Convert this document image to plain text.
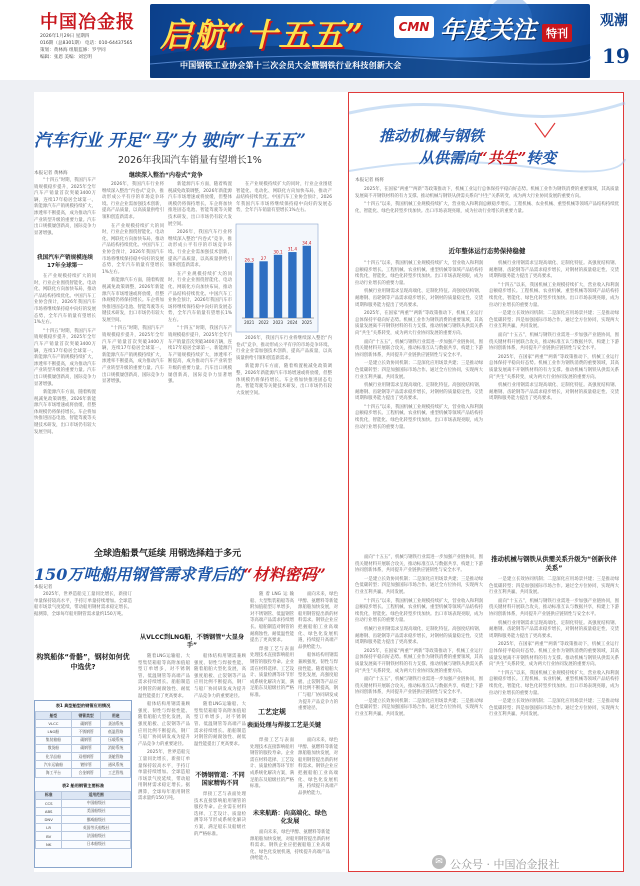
中国冶金报
2026年1月29日 星期四
016期（总8301期） 电话：010-64437565
策划：黄林海 组版监修：罗学同
编辑：张恩 美编：刘宏明
启航“十五五”	CMN 年度关注 特刊
中国钢铁工业协会第十三次会员大会暨钢铁行业科技创新大会
观潮
19
汽车行业 开足“马”力 驶向“十五五”
2026年我国汽车销量有望增长1%
本报记者 黄林海

“十四五”时期，我国汽车产销规模稳步提升，2025年全年汽车产销量首次突破3400万辆，连续17年稳居全球第一。新能源汽车产销规模持续扩大，渗透率不断提高，成为推动汽车产业转型升级的重要力量。汽车出口规模屡创新高，国际竞争力显著增强。

我国汽车产销规模连续17年全球第一

在产业规模持续扩大的同时，行业企业围绕智能化、电动化、网联化方向加快布局，推动产品结构持续优化。中国汽车工业协会预计，2026年我国汽车市场将继续保持稳中向好的发展态势，全年汽车销量有望增长1%左右。

“十四五”时期，我国汽车产销规模稳步提升，2025年全年汽车产销量首次突破3400万辆，连续17年稳居全球第一。新能源汽车产销规模持续扩大，渗透率不断提高，成为推动汽车产业转型升级的重要力量。汽车出口规模屡创新高，国际竞争力显著增强。

新能源汽车方面，随着购置税减免政策调整，2026年新能源汽车市场增速或将放缓，但整体规模仍将保持增长。车企将加快推进固态电池、智能驾驶等关键技术研发，出口市场仍有较大发展空间。

继续深入整治“内卷式”竞争

2026年，我国汽车行业将继续深入整治“内卷式”竞争，推动形成公平有序的市场竞争环境。行业企业需加强技术创新，提高产品质量，以高质量供给引领和创造新需求。

在产业规模持续扩大的同时，行业企业围绕智能化、电动化、网联化方向加快布局，推动产品结构持续优化。中国汽车工业协会预计，2026年我国汽车市场将继续保持稳中向好的发展态势，全年汽车销量有望增长1%左右。

新能源汽车方面，随着购置税减免政策调整，2026年新能源汽车市场增速或将放缓，但整体规模仍将保持增长。车企将加快推进固态电池、智能驾驶等关键技术研发，出口市场仍有较大发展空间。

“十四五”时期，我国汽车产销规模稳步提升，2025年全年汽车产销量首次突破3400万辆，连续17年稳居全球第一。新能源汽车产销规模持续扩大，渗透率不断提高，成为推动汽车产业转型升级的重要力量。汽车出口规模屡创新高，国际竞争力显著增强。

新能源汽车方面，随着购置税减免政策调整，2026年新能源汽车市场增速或将放缓，但整体规模仍将保持增长。车企将加快推进固态电池、智能驾驶等关键技术研发，出口市场仍有较大发展空间。

2026年，我国汽车行业将继续深入整治“内卷式”竞争，推动形成公平有序的市场竞争环境。行业企业需加强技术创新，提高产品质量，以高质量供给引领和创造新需求。

在产业规模持续扩大的同时，行业企业围绕智能化、电动化、网联化方向加快布局，推动产品结构持续优化。中国汽车工业协会预计，2026年我国汽车市场将继续保持稳中向好的发展态势，全年汽车销量有望增长1%左右。

“十四五”时期，我国汽车产销规模稳步提升，2025年全年汽车产销量首次突破3400万辆，连续17年稳居全球第一。新能源汽车产销规模持续扩大，渗透率不断提高，成为推动汽车产业转型升级的重要力量。汽车出口规模屡创新高，国际竞争力显著增强。

在产业规模持续扩大的同时，行业企业围绕智能化、电动化、网联化方向加快布局，推动产品结构持续优化。中国汽车工业协会预计，2026年我国汽车市场将继续保持稳中向好的发展态势，全年汽车销量有望增长1%左右。

26.3
2021
27
2022
30.1
2023
31.4
2024
34.4
2025

2026年，我国汽车行业将继续深入整治“内卷式”竞争，推动形成公平有序的市场竞争环境。行业企业需加强技术创新，提高产品质量，以高质量供给引领和创造新需求。

新能源汽车方面，随着购置税减免政策调整，2026年新能源汽车市场增速或将放缓，但整体规模仍将保持增长。车企将加快推进固态电池、智能驾驶等关键技术研发，出口市场仍有较大发展空间。

全球造船景气延续 用钢选择趋于多元
150万吨船用钢管需求背后的“材料密码”
本报记者

2025年，世界造船完工量同比增长，新接订单量保持较高水平，手持订单量持续增加。全球造船市场景气度延续，带动船用钢材需求稳定增长。据测算，全球每年船用钢管需求量约150万吨。

构筑船体“骨骼”，钢材如何优中选优?
表1 典型船型的钢管应用情况
船型	钢管类型	用途
VLCC	碳钢管	货油系统
LNG船	不锈钢管	低温管路
集装箱船	碳钢管	压载系统
散货船	碳钢管	消防系统
化学品船	双相钢管	货舱管路
汽车运输船	镀锌管	通风系统
海工平台	合金钢管	工艺管线
表2 船用钢管主要标准
标准	适用范围
CCS	中国船级社
ABS	美国船级社
DNV	挪威船级社
LR	英国劳氏船级社
BV	法国船级社
NK	日本船级社
从VLCC到LNG船，不锈钢管“大显身手”

随着LNG运输船、大型集装箱船等高附加值船型订单增多，对不锈钢管、低温钢管等高端产品需求持续增长。船舶制造对钢管的耐腐蚀性、耐低温性能提出了更高要求。

船体结构用钢需兼顾强度、韧性与焊接性能。随着船舶大型化发展，高强度船板、止裂钢等产品应用比例不断提高，钢厂与船厂协同研发成为提升产品竞争力的重要途径。

2025年，世界造船完工量同比增长，新接订单量保持较高水平，手持订单量持续增加。全球造船市场景气度延续，带动船用钢材需求稳定增长。据测算，全球每年船用钢管需求量约150万吨。

船体结构用钢需兼顾强度、韧性与焊接性能。随着船舶大型化发展，高强度船板、止裂钢等产品应用比例不断提高，钢厂与船厂协同研发成为提升产品竞争力的重要途径。

随着LNG运输船、大型集装箱船等高附加值船型订单增多，对不锈钢管、低温钢管等高端产品需求持续增长。船舶制造对钢管的耐腐蚀性、耐低温性能提出了更高要求。

不锈钢管道：不同国家精钩不同

焊接工艺与表面处理技术直接影响船用钢管的服役寿命。企业需在材料选择、工艺设计、质量检测等环节形成系统化解决方案，满足船东及船级社的严格标准。

随着LNG运输船、大型集装箱船等高附加值船型订单增多，对不锈钢管、低温钢管等高端产品需求持续增长。船舶制造对钢管的耐腐蚀性、耐低温性能提出了更高要求。

焊接工艺与表面处理技术直接影响船用钢管的服役寿命。企业需在材料选择、工艺设计、质量检测等环节形成系统化解决方案，满足船东及船级社的严格标准。

工艺定规
表面处理与焊接工艺是关键

焊接工艺与表面处理技术直接影响船用钢管的服役寿命。企业需在材料选择、工艺设计、质量检测等环节形成系统化解决方案，满足船东及船级社的严格标准。

未来航路：向高端化、绿色化发展

面向未来，绿色甲醇、氨燃料等新能源船舶加快发展，对船用钢管提出新的材料需求。钢铁企业应把握船舶工业高端化、绿色化发展机遇，持续提升高端产品供给能力。

面向未来，绿色甲醇、氨燃料等新能源船舶加快发展，对船用钢管提出新的材料需求。钢铁企业应把握船舶工业高端化、绿色化发展机遇，持续提升高端产品供给能力。

船体结构用钢需兼顾强度、韧性与焊接性能。随着船舶大型化发展，高强度船板、止裂钢等产品应用比例不断提高，钢厂与船厂协同研发成为提升产品竞争力的重要途径。

面向未来，绿色甲醇、氨燃料等新能源船舶加快发展，对船用钢管提出新的材料需求。钢铁企业应把握船舶工业高端化、绿色化发展机遇，持续提升高端产品供给能力。

推动机械与钢铁
从供需向“共生”转变
本报记者 杨将

2025年，在国家“两重”“两新”等政策推动下，机械工业运行总体保持平稳向好态势。机械工业作为钢铁消费的重要领域，其高质量发展离不开钢铁材料的有力支撑。推动机械与钢铁从供需关系向“共生”关系转变，成为两大行业协同发展的重要方向。

“十四五”以来，我国机械工业规模持续扩大，营业收入和利润总额稳步增长。工程机械、农业机械、重型机械等领域产品结构持续优化，智能化、绿色化转型步伐加快。出口市场表现亮眼，成为拉动行业增长的重要力量。

近年整体运行态势保持稳健

“十四五”以来，我国机械工业规模持续扩大，营业收入和利润总额稳步增长。工程机械、农业机械、重型机械等领域产品结构持续优化，智能化、绿色化转型步伐加快。出口市场表现亮眼，成为拉动行业增长的重要力量。

机械行业用钢需求呈现高端化、定制化特征。高强度结构钢、耐磨钢、齿轮钢等产品需求稳步增长，对钢材的质量稳定性、交货周期和服务能力提出了更高要求。

2025年，在国家“两重”“两新”等政策推动下，机械工业运行总体保持平稳向好态势。机械工业作为钢铁消费的重要领域，其高质量发展离不开钢铁材料的有力支撑。推动机械与钢铁从供需关系向“共生”关系转变，成为两大行业协同发展的重要方向。

面向“十五五”，机械与钢铁行业需进一步加强产业链协同，围绕关键材料开展联合攻关，推动标准互认与数据共享，构建上下游协同创新体系，共同提升产业链供应链韧性与安全水平。

一是建立长效协同机制；二是深化应用场景共建；三是推动绿色低碳转型；四是加强国际市场合作。通过全方位协同，实现两大行业互利共赢、共同发展。

机械行业用钢需求呈现高端化、定制化特征。高强度结构钢、耐磨钢、齿轮钢等产品需求稳步增长，对钢材的质量稳定性、交货周期和服务能力提出了更高要求。

“十四五”以来，我国机械工业规模持续扩大，营业收入和利润总额稳步增长。工程机械、农业机械、重型机械等领域产品结构持续优化，智能化、绿色化转型步伐加快。出口市场表现亮眼，成为拉动行业增长的重要力量。

机械行业用钢需求呈现高端化、定制化特征。高强度结构钢、耐磨钢、齿轮钢等产品需求稳步增长，对钢材的质量稳定性、交货周期和服务能力提出了更高要求。

“十四五”以来，我国机械工业规模持续扩大，营业收入和利润总额稳步增长。工程机械、农业机械、重型机械等领域产品结构持续优化，智能化、绿色化转型步伐加快。出口市场表现亮眼，成为拉动行业增长的重要力量。

一是建立长效协同机制；二是深化应用场景共建；三是推动绿色低碳转型；四是加强国际市场合作。通过全方位协同，实现两大行业互利共赢、共同发展。

面向“十五五”，机械与钢铁行业需进一步加强产业链协同，围绕关键材料开展联合攻关，推动标准互认与数据共享，构建上下游协同创新体系，共同提升产业链供应链韧性与安全水平。

2025年，在国家“两重”“两新”等政策推动下，机械工业运行总体保持平稳向好态势。机械工业作为钢铁消费的重要领域，其高质量发展离不开钢铁材料的有力支撑。推动机械与钢铁从供需关系向“共生”关系转变，成为两大行业协同发展的重要方向。

机械行业用钢需求呈现高端化、定制化特征。高强度结构钢、耐磨钢、齿轮钢等产品需求稳步增长，对钢材的质量稳定性、交货周期和服务能力提出了更高要求。

推动机械与钢铁从供需关系升级为“创新伙伴关系”

面向“十五五”，机械与钢铁行业需进一步加强产业链协同，围绕关键材料开展联合攻关，推动标准互认与数据共享，构建上下游协同创新体系，共同提升产业链供应链韧性与安全水平。

一是建立长效协同机制；二是深化应用场景共建；三是推动绿色低碳转型；四是加强国际市场合作。通过全方位协同，实现两大行业互利共赢、共同发展。

“十四五”以来，我国机械工业规模持续扩大，营业收入和利润总额稳步增长。工程机械、农业机械、重型机械等领域产品结构持续优化，智能化、绿色化转型步伐加快。出口市场表现亮眼，成为拉动行业增长的重要力量。

机械行业用钢需求呈现高端化、定制化特征。高强度结构钢、耐磨钢、齿轮钢等产品需求稳步增长，对钢材的质量稳定性、交货周期和服务能力提出了更高要求。

2025年，在国家“两重”“两新”等政策推动下，机械工业运行总体保持平稳向好态势。机械工业作为钢铁消费的重要领域，其高质量发展离不开钢铁材料的有力支撑。推动机械与钢铁从供需关系向“共生”关系转变，成为两大行业协同发展的重要方向。

面向“十五五”，机械与钢铁行业需进一步加强产业链协同，围绕关键材料开展联合攻关，推动标准互认与数据共享，构建上下游协同创新体系，共同提升产业链供应链韧性与安全水平。

一是建立长效协同机制；二是深化应用场景共建；三是推动绿色低碳转型；四是加强国际市场合作。通过全方位协同，实现两大行业互利共赢、共同发展。

一是建立长效协同机制；二是深化应用场景共建；三是推动绿色低碳转型；四是加强国际市场合作。通过全方位协同，实现两大行业互利共赢、共同发展。

面向“十五五”，机械与钢铁行业需进一步加强产业链协同，围绕关键材料开展联合攻关，推动标准互认与数据共享，构建上下游协同创新体系，共同提升产业链供应链韧性与安全水平。

机械行业用钢需求呈现高端化、定制化特征。高强度结构钢、耐磨钢、齿轮钢等产品需求稳步增长，对钢材的质量稳定性、交货周期和服务能力提出了更高要求。

2025年，在国家“两重”“两新”等政策推动下，机械工业运行总体保持平稳向好态势。机械工业作为钢铁消费的重要领域，其高质量发展离不开钢铁材料的有力支撑。推动机械与钢铁从供需关系向“共生”关系转变，成为两大行业协同发展的重要方向。

“十四五”以来，我国机械工业规模持续扩大，营业收入和利润总额稳步增长。工程机械、农业机械、重型机械等领域产品结构持续优化，智能化、绿色化转型步伐加快。出口市场表现亮眼，成为拉动行业增长的重要力量。

一是建立长效协同机制；二是深化应用场景共建；三是推动绿色低碳转型；四是加强国际市场合作。通过全方位协同，实现两大行业互利共赢、共同发展。

✉ 公众号 · 中国冶金报社
